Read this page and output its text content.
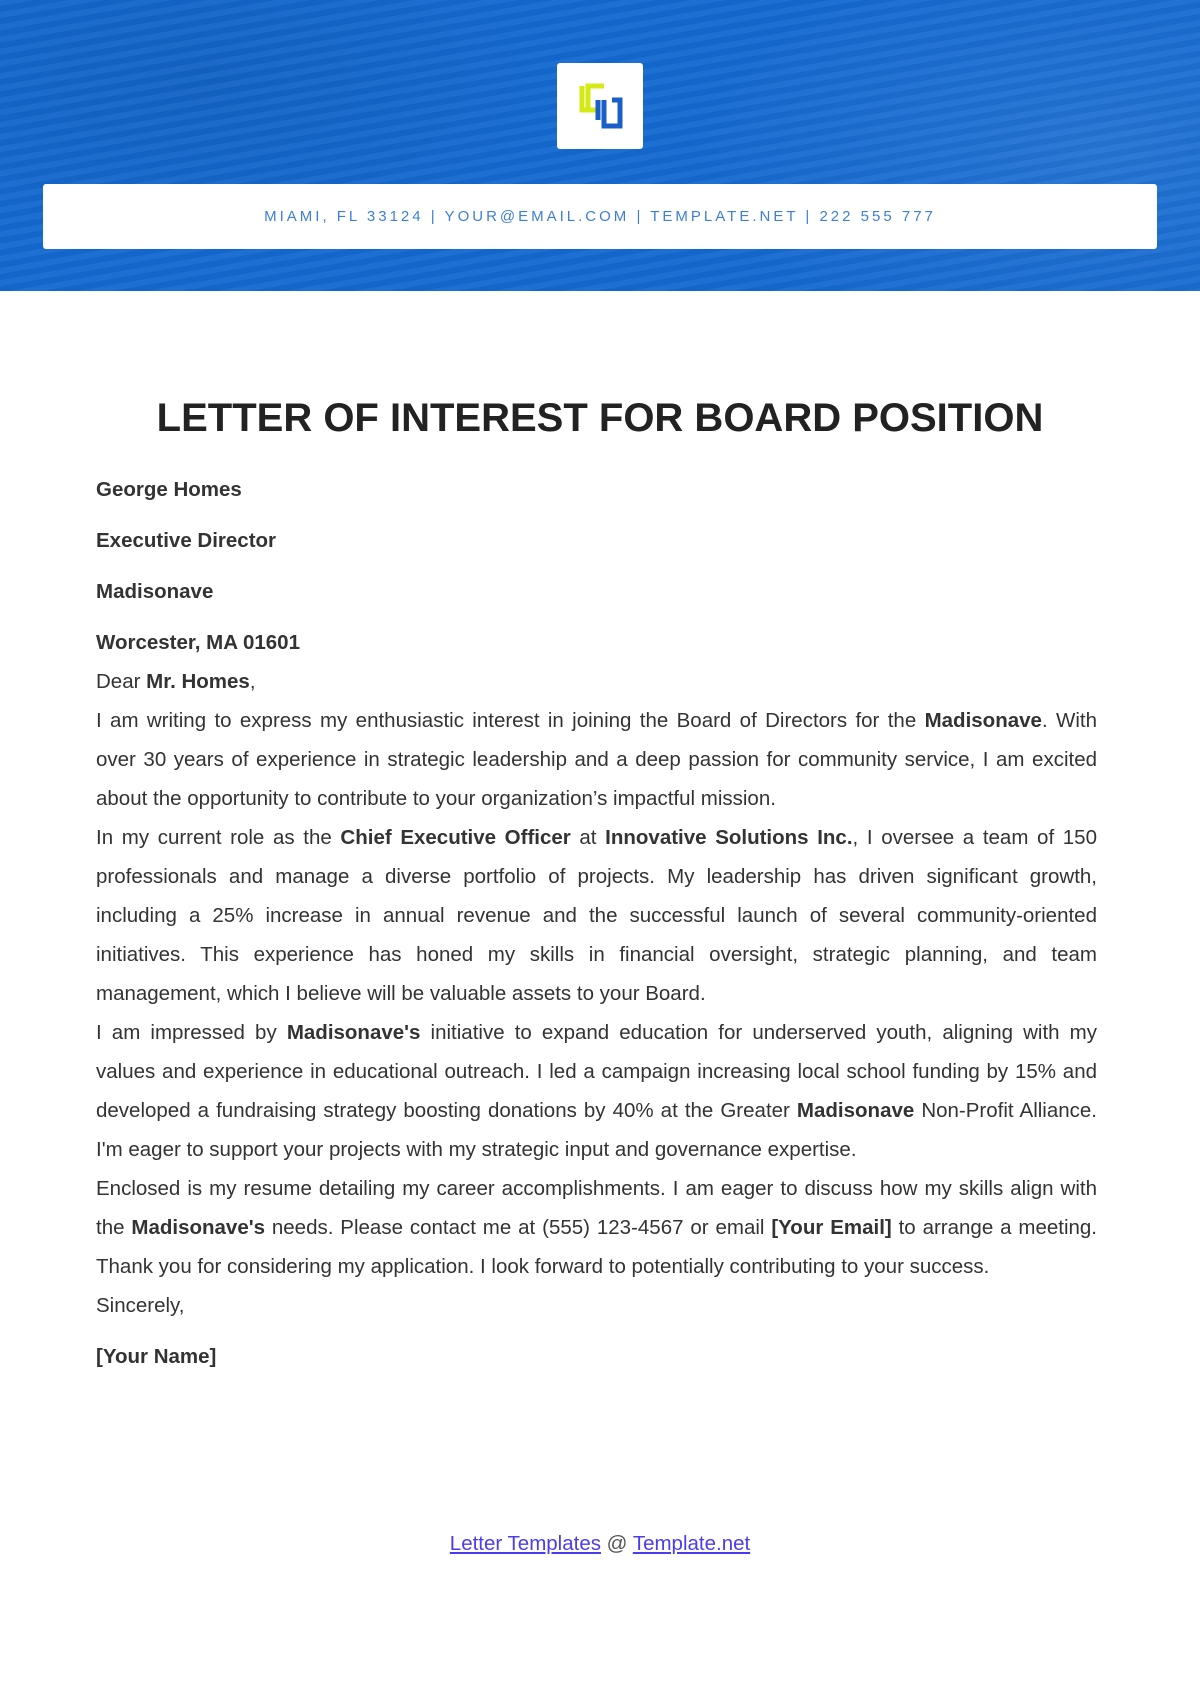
MIAMI, FL 33124 | YOUR@EMAIL.COM | TEMPLATE.NET | 222 555 777
LETTER OF INTEREST FOR BOARD POSITION
George Homes
Executive Director
Madisonave
Worcester, MA 01601

Dear Mr. Homes,

I am writing to express my enthusiastic interest in joining the Board of Directors for the Madisonave. With over 30 years of experience in strategic leadership and a deep passion for community service, I am excited about the opportunity to contribute to your organization’s impactful mission.

In my current role as the Chief Executive Officer at Innovative Solutions Inc., I oversee a team of 150 professionals and manage a diverse portfolio of projects. My leadership has driven significant growth, including a 25% increase in annual revenue and the successful launch of several community-oriented initiatives. This experience has honed my skills in financial oversight, strategic planning, and team management, which I believe will be valuable assets to your Board.

I am impressed by Madisonave's initiative to expand education for underserved youth, aligning with my values and experience in educational outreach. I led a campaign increasing local school funding by 15% and developed a fundraising strategy boosting donations by 40% at the Greater Madisonave Non-Profit Alliance. I'm eager to support your projects with my strategic input and governance expertise.

Enclosed is my resume detailing my career accomplishments. I am eager to discuss how my skills align with the Madisonave's needs. Please contact me at (555) 123-4567 or email [Your Email] to arrange a meeting. Thank you for considering my application. I look forward to potentially contributing to your success.

Sincerely,

[Your Name]
Letter Templates @ Template.net
